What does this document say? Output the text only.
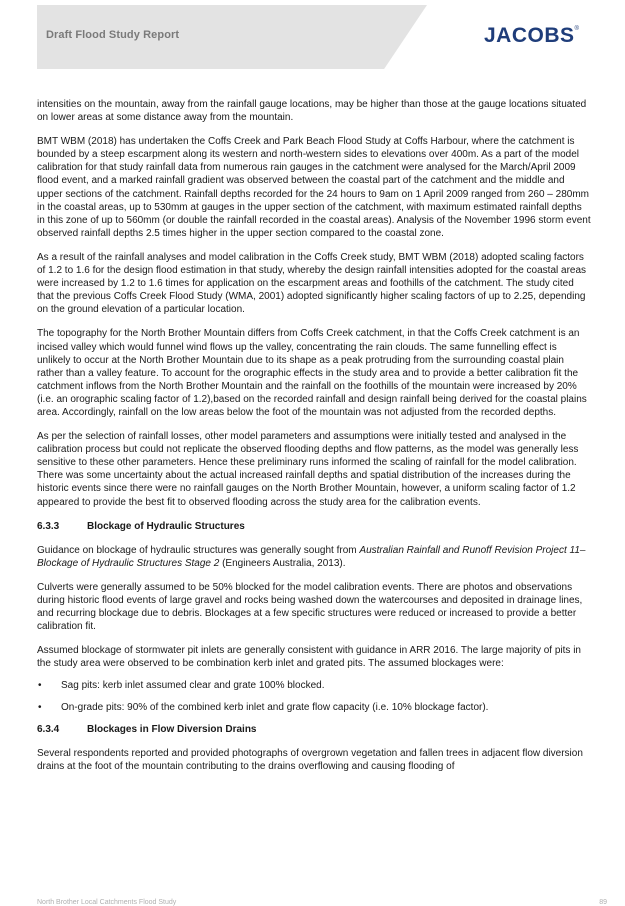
Draft Flood Study Report	JACOBS®

intensities on the mountain, away from the rainfall gauge locations, may be higher than those at the gauge locations situated on lower areas at some distance away from the mountain.

BMT WBM (2018) has undertaken the Coffs Creek and Park Beach Flood Study at Coffs Harbour, where the catchment is bounded by a steep escarpment along its western and north-western sides to elevations over 400m. As a part of the model calibration for that study rainfall data from numerous rain gauges in the catchment were analysed for the March/April 2009 flood event, and a marked rainfall gradient was observed between the coastal part of the catchment and the middle and upper sections of the catchment. Rainfall depths recorded for the 24 hours to 9am on 1 April 2009 ranged from 260 – 280mm in the coastal areas, up to 530mm at gauges in the upper section of the catchment, with maximum estimated rainfall depths in this zone of up to 560mm (or double the rainfall recorded in the coastal areas). Analysis of the November 1996 storm event observed rainfall depths 2.5 times higher in the upper section compared to the coastal zone.

As a result of the rainfall analyses and model calibration in the Coffs Creek study, BMT WBM (2018) adopted scaling factors of 1.2 to 1.6 for the design flood estimation in that study, whereby the design rainfall intensities adopted for the coastal areas were increased by 1.2 to 1.6 times for application on the escarpment areas and foothills of the catchment. The study cited that the previous Coffs Creek Flood Study (WMA, 2001) adopted significantly higher scaling factors of up to 2.25, depending on the ground elevation of a particular location.

The topography for the North Brother Mountain differs from Coffs Creek catchment, in that the Coffs Creek catchment is an incised valley which would funnel wind flows up the valley, concentrating the rain clouds. The same funnelling effect is unlikely to occur at the North Brother Mountain due to its shape as a peak protruding from the surrounding coastal plain rather than a valley feature. To account for the orographic effects in the study area and to provide a better calibration fit the catchment inflows from the North Brother Mountain and the rainfall on the foothills of the mountain were increased by 20% (i.e. an orographic scaling factor of 1.2),based on the recorded rainfall and design rainfall being derived for the coastal plains area. Accordingly, rainfall on the low areas below the foot of the mountain was not adjusted from the recorded depths.

As per the selection of rainfall losses, other model parameters and assumptions were initially tested and analysed in the calibration process but could not replicate the observed flooding depths and flow patterns, as the model was generally less sensitive to these other parameters. Hence these preliminary runs informed the scaling of rainfall for the model calibration. There was some uncertainty about the actual increased rainfall depths and spatial distribution of the increases during the historic events since there were no rainfall gauges on the North Brother Mountain, however, a uniform scaling factor of 1.2 appeared to provide the best fit to observed flooding across the study area for the calibration events.

6.3.3	Blockage of Hydraulic Structures

Guidance on blockage of hydraulic structures was generally sought from Australian Rainfall and Runoff Revision Project 11– Blockage of Hydraulic Structures Stage 2 (Engineers Australia, 2013).

Culverts were generally assumed to be 50% blocked for the model calibration events. There are photos and observations during historic flood events of large gravel and rocks being washed down the watercourses and deposited in drainage lines, and recurring blockage due to debris. Blockages at a few specific structures were reduced or increased to provide a better calibration fit.

Assumed blockage of stormwater pit inlets are generally consistent with guidance in ARR 2016. The large majority of pits in the study area were observed to be combination kerb inlet and grated pits. The assumed blockages were:

• Sag pits: kerb inlet assumed clear and grate 100% blocked.
• On-grade pits: 90% of the combined kerb inlet and grate flow capacity (i.e. 10% blockage factor).
6.3.4	Blockages in Flow Diversion Drains

Several respondents reported and provided photographs of overgrown vegetation and fallen trees in adjacent flow diversion drains at the foot of the mountain contributing to the drains overflowing and causing flooding of

North Brother Local Catchments Flood Study	89
